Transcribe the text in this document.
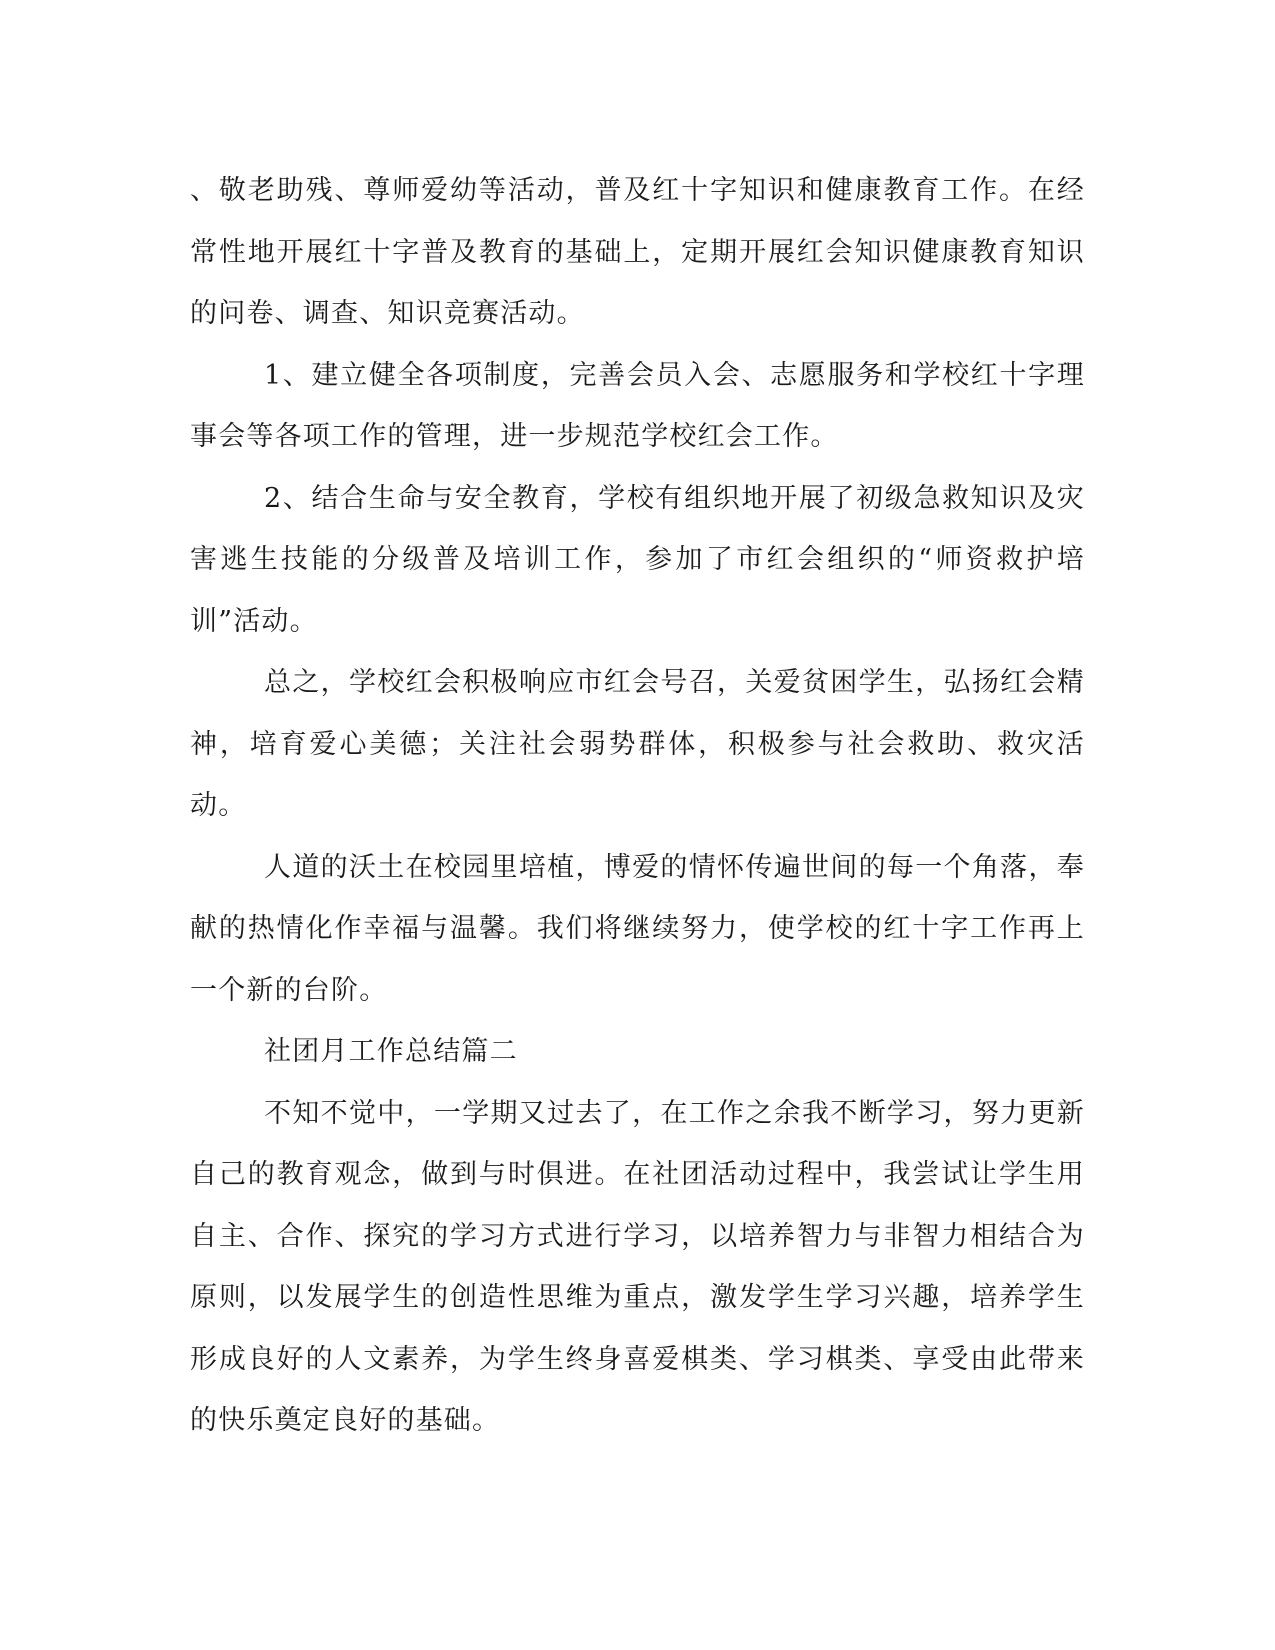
、敬老助残、尊师爱幼等活动，普及红十字知识和健康教育工作。在经常性地开展红十字普及教育的基础上，定期开展红会知识健康教育知识的问卷、调查、知识竞赛活动。

1、建立健全各项制度，完善会员入会、志愿服务和学校红十字理事会等各项工作的管理，进一步规范学校红会工作。

2、结合生命与安全教育，学校有组织地开展了初级急救知识及灾害逃生技能的分级普及培训工作，参加了市红会组织的“师资救护培训”活动。

总之，学校红会积极响应市红会号召，关爱贫困学生，弘扬红会精神，培育爱心美德；关注社会弱势群体，积极参与社会救助、救灾活动。

人道的沃土在校园里培植，博爱的情怀传遍世间的每一个角落，奉献的热情化作幸福与温馨。我们将继续努力，使学校的红十字工作再上一个新的台阶。

社团月工作总结篇二

不知不觉中，一学期又过去了，在工作之余我不断学习，努力更新自己的教育观念，做到与时俱进。在社团活动过程中，我尝试让学生用自主、合作、探究的学习方式进行学习，以培养智力与非智力相结合为原则，以发展学生的创造性思维为重点，激发学生学习兴趣，培养学生形成良好的人文素养，为学生终身喜爱棋类、学习棋类、享受由此带来的快乐奠定良好的基础。
